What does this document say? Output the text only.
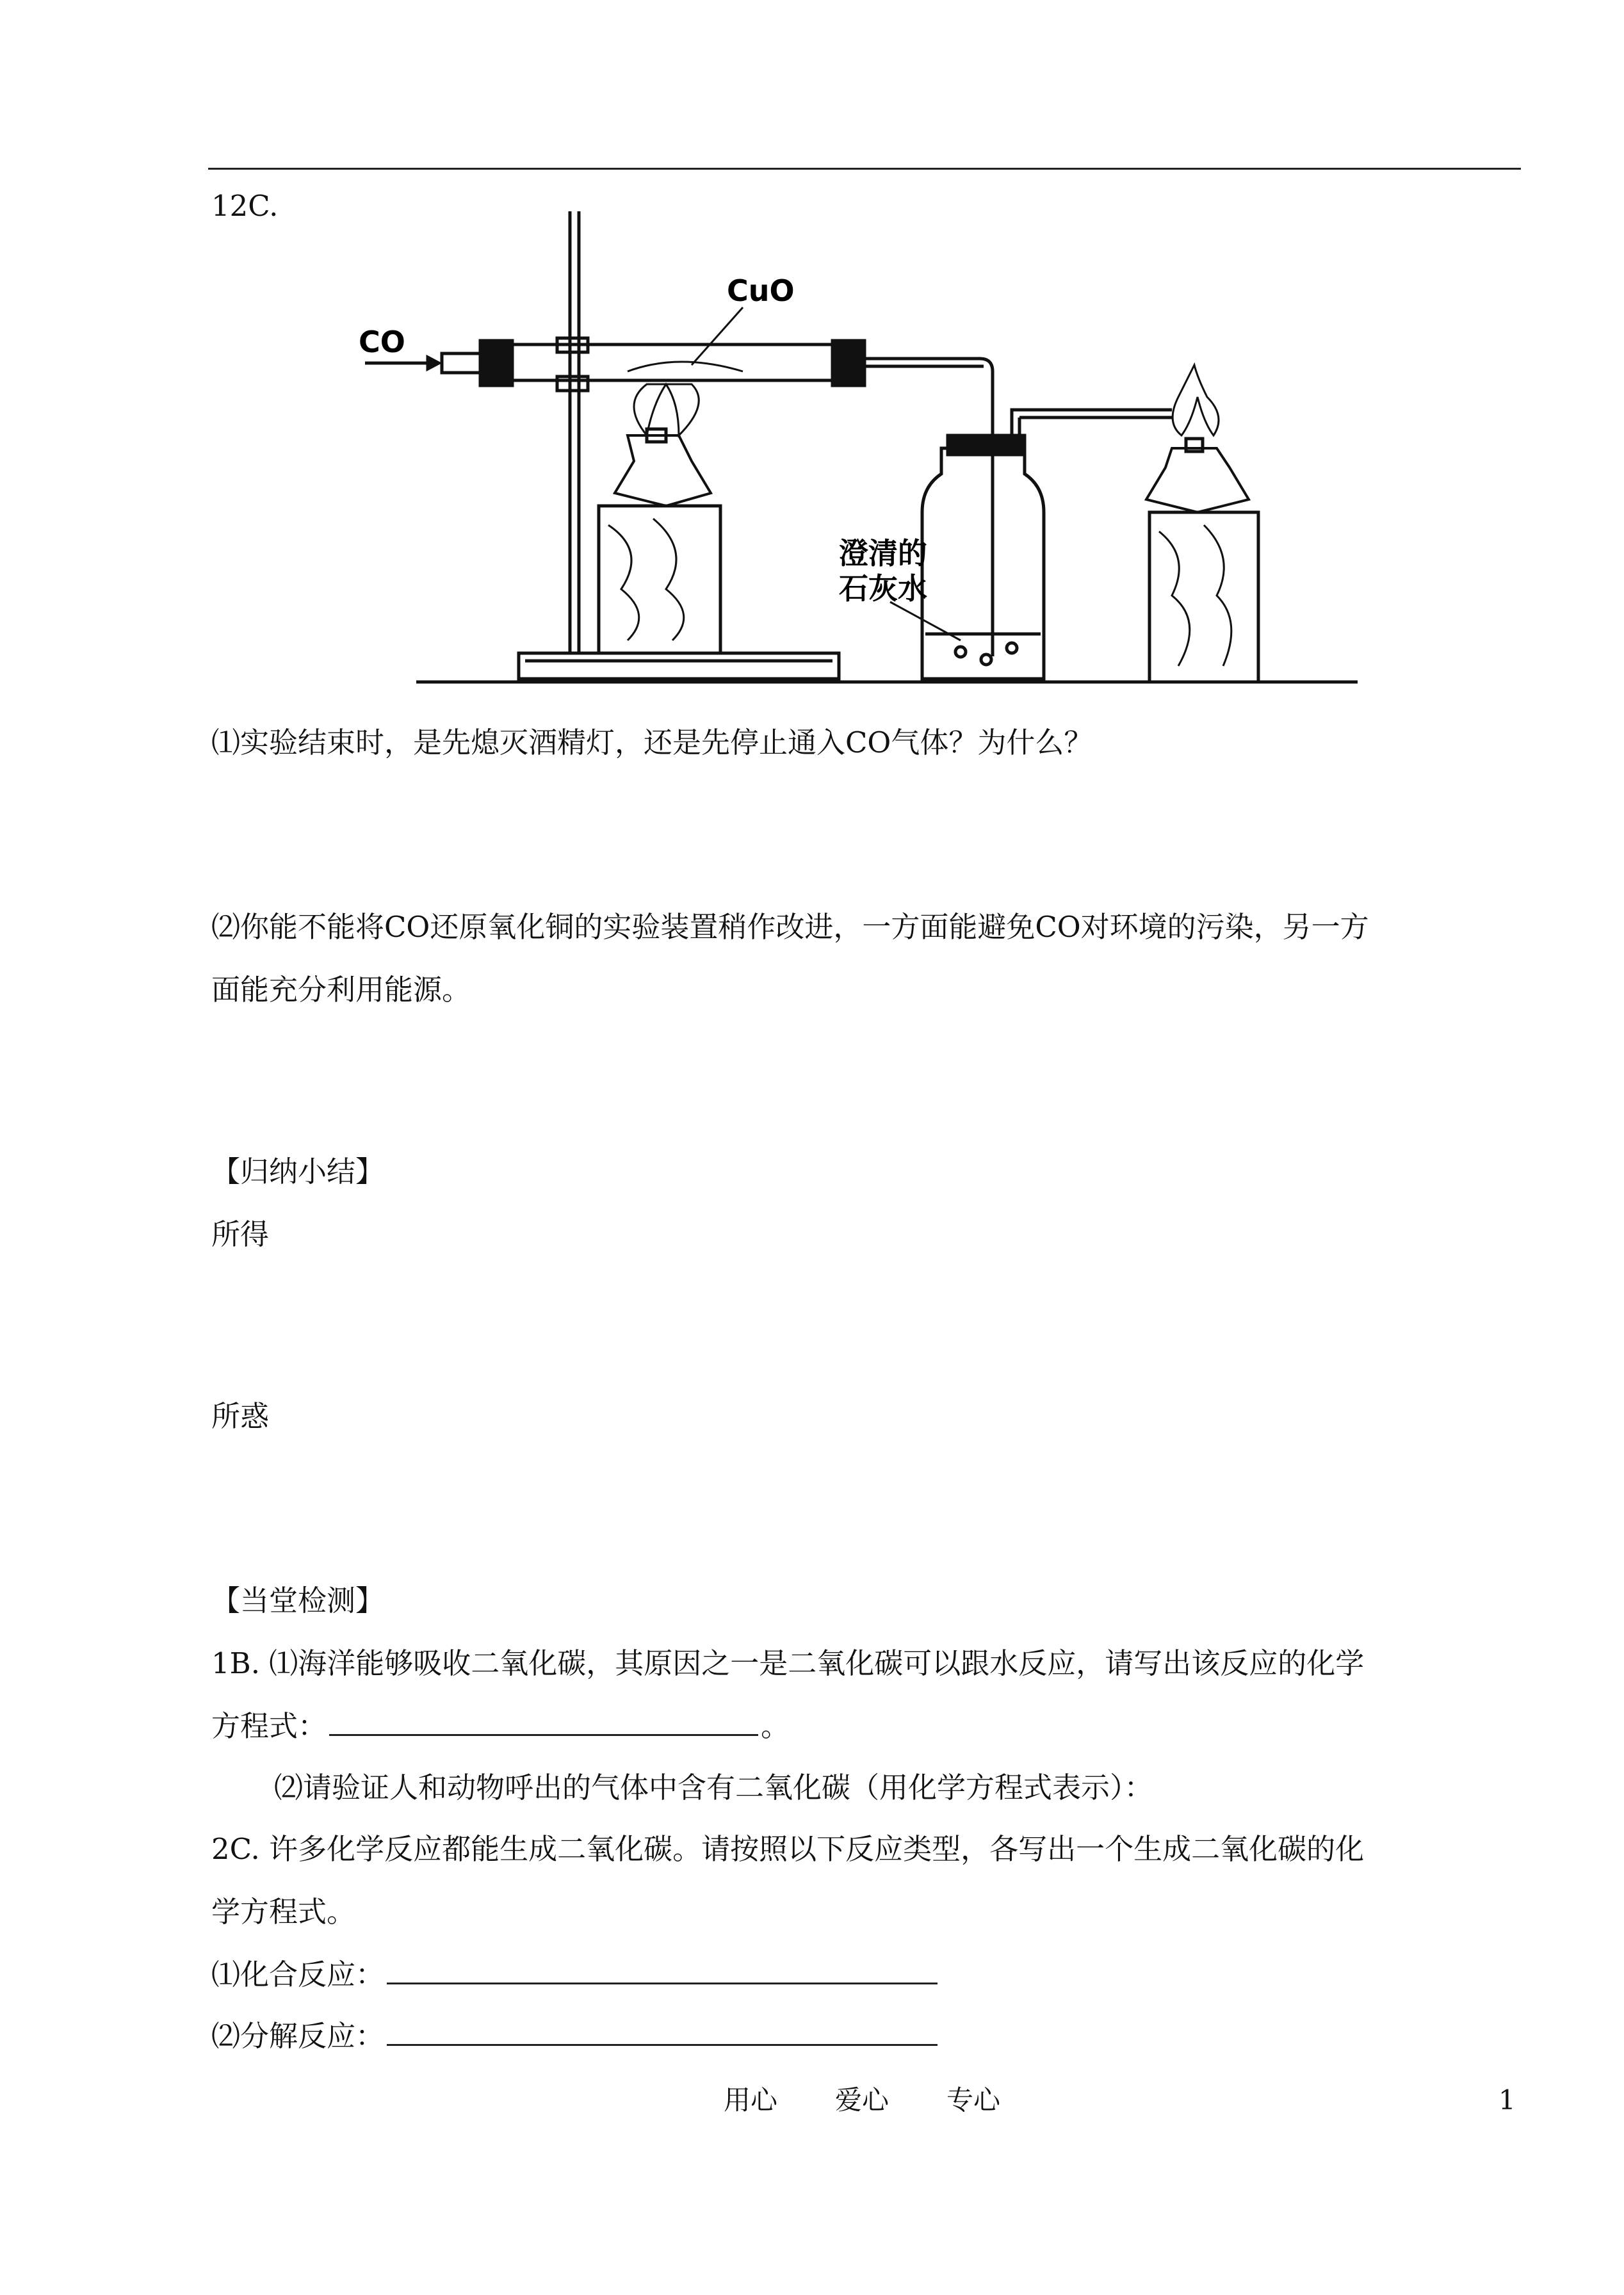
12C.
CO
CuO
澄清的
石灰水
⑴实验结束时，是先熄灭酒精灯，还是先停止通入CO气体？为什么？
⑵你能不能将CO还原氧化铜的实验装置稍作改进，一方面能避免CO对环境的污染，另一方
面能充分利用能源。
【归纳小结】
所得
所惑
【当堂检测】
1B. ⑴海洋能够吸收二氧化碳，其原因之一是二氧化碳可以跟水反应，请写出该反应的化学
方程式：	。
⑵请验证人和动物呼出的气体中含有二氧化碳（用化学方程式表示）：
2C. 许多化学反应都能生成二氧化碳。请按照以下反应类型，各写出一个生成二氧化碳的化
学方程式。
⑴化合反应：
⑵分解反应：
用心 爱心 专心	1
